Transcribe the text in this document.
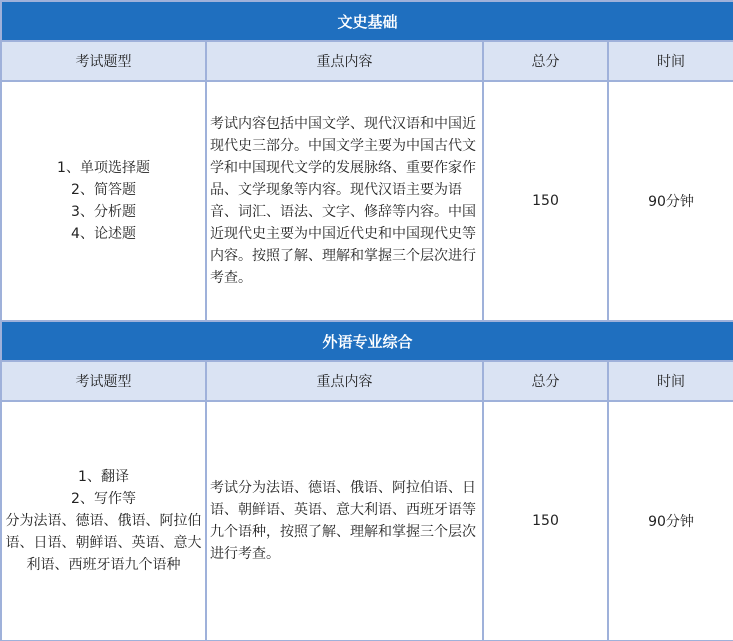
文史基础			
考试题型	重点内容	总分	时间

1、单项选择题
2、简答题
3、分析题
4、论述题	考试内容包括中国文学、现代汉语和中国近现代史三部分。中国文学主要为中国古代文学和中国现代文学的发展脉络、重要作家作品、文学现象等内容。现代汉语主要为语音、词汇、语法、文字、修辞等内容。中国近现代史主要为中国近代史和中国现代史等内容。按照了解、理解和掌握三个层次进行考查。	150	90分钟
外语专业综合			
考试题型	重点内容	总分	时间

1、翻译
2、写作等
分为法语、德语、俄语、阿拉伯语、日语、朝鲜语、英语、意大利语、西班牙语九个语种	考试分为法语、德语、俄语、阿拉伯语、日语、朝鲜语、英语、意大利语、西班牙语等九个语种，按照了解、理解和掌握三个层次进行考查。	150	90分钟
